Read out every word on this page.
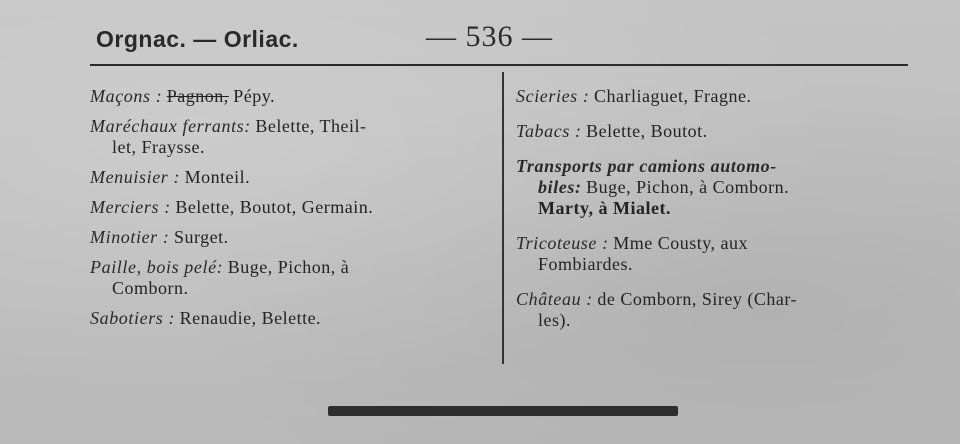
Orgnac. — Orliac.	— 536 —
Maçons : Pagnon, Pépy.
Maréchaux ferrants: Belette, Theil-
let, Fraysse.
Menuisier : Monteil.
Merciers : Belette, Boutot, Germain.
Minotier : Surget.
Paille, bois pelé: Buge, Pichon, à
Comborn.
Sabotiers : Renaudie, Belette.
Scieries : Charliaguet, Fragne.
Tabacs : Belette, Boutot.
Transports par camions automo-
biles: Buge, Pichon, à Comborn.
Marty, à Mialet.
Tricoteuse : Mme Cousty, aux
Fombiardes.
Château : de Comborn, Sirey (Char-
les).
